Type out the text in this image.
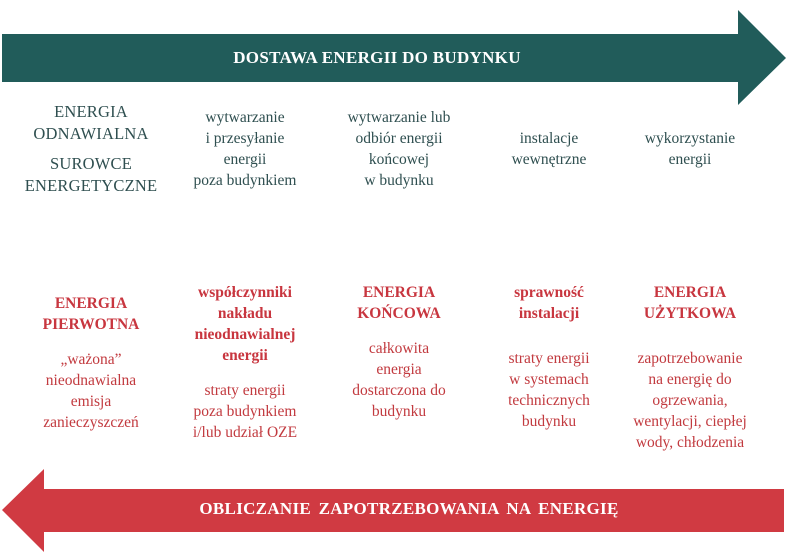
DOSTAWA ENERGII DO BUDYNKU
ENERGIA
ODNAWIALNA
SUROWCE
ENERGETYCZNE
ENERGIA
PIERWOTNA
„ważona”
nieodnawialna
emisja
zanieczyszczeń
wytwarzanie
i przesyłanie
energii
poza budynkiem
współczynniki
nakładu
nieodnawialnej
energii
straty energii
poza budynkiem
i/lub udział OZE
wytwarzanie lub
odbiór energii
końcowej
w budynku
ENERGIA
KOŃCOWA
całkowita
energia
dostarczona do
budynku
instalacje
wewnętrzne
sprawność
instalacji
straty energii
w systemach
technicznych
budynku
wykorzystanie
energii
ENERGIA
UŻYTKOWA
zapotrzebowanie
na energię do
ogrzewania,
wentylacji, ciepłej
wody, chłodzenia
OBLICZANIE ZAPOTRZEBOWANIA NA ENERGIĘ
